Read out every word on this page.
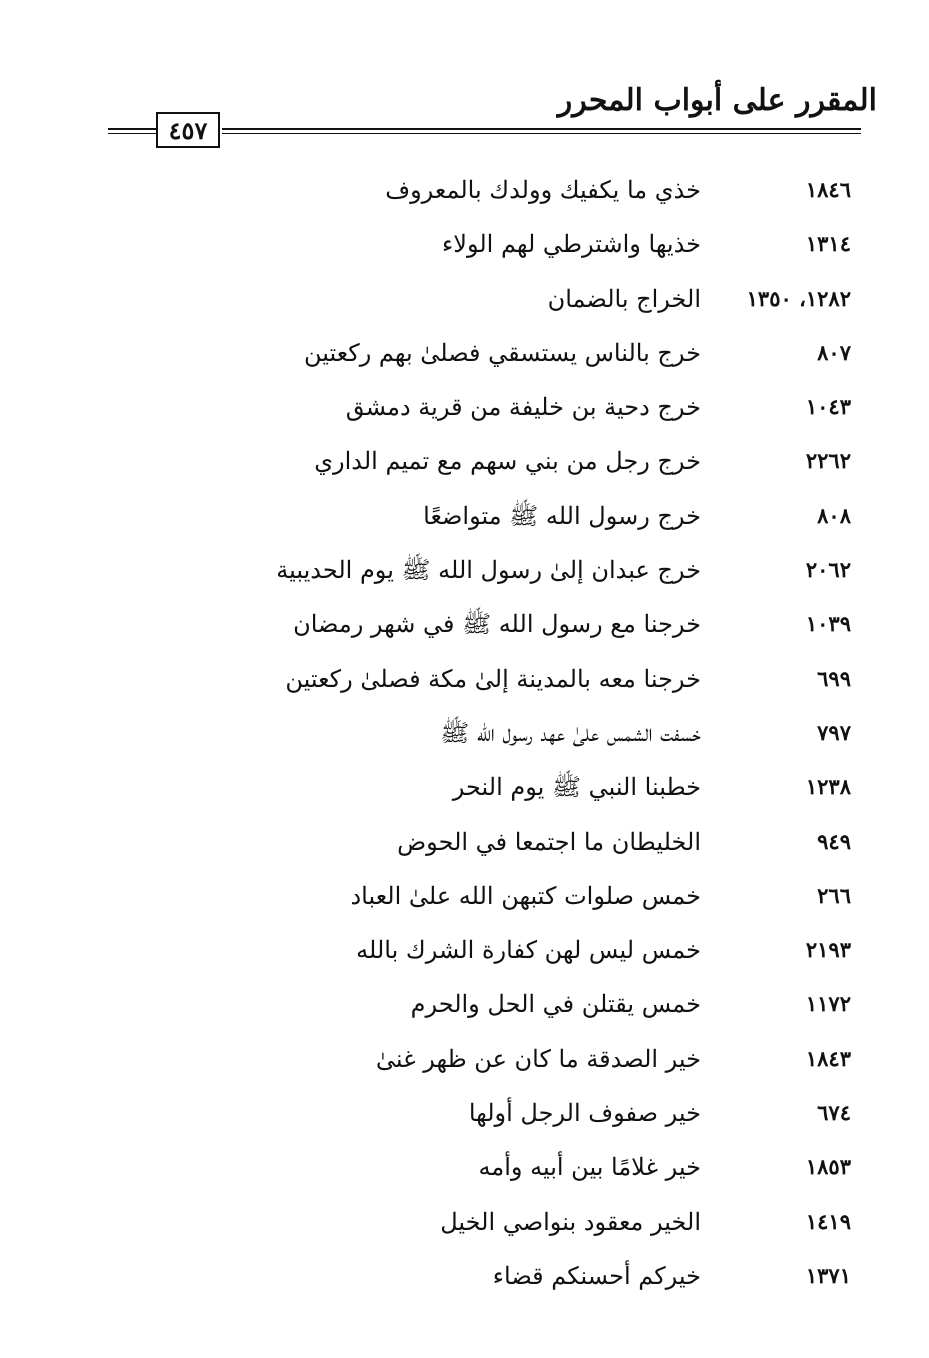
المقرر على أبواب المحرر
٤٥٧
خذي ما يكفيك وولدك بالمعروف	١٨٤٦
خذيها واشترطي لهم الولاء	١٣١٤
الخراج بالضمان ١٢٨٢، ١٣٥٠
خرج بالناس يستسقي فصلىٰ بهم ركعتين	٨٠٧
خرج دحية بن خليفة من قرية دمشق	١٠٤٣
خرج رجل من بني سهم مع تميم الداري	٢٢٦٢
خرج رسول الله ﷺ متواضعًا	٨٠٨
خرج عبدان إلىٰ رسول الله ﷺ يوم الحديبية	٢٠٦٢
خرجنا مع رسول الله ﷺ في شهر رمضان	١٠٣٩
خرجنا معه بالمدينة إلىٰ مكة فصلىٰ ركعتين	٦٩٩
خسفت الشمس علىٰ عهد رسول الله ﷺ	٧٩٧
خطبنا النبي ﷺ يوم النحر	١٢٣٨
الخليطان ما اجتمعا في الحوض	٩٤٩
خمس صلوات كتبهن الله علىٰ العباد	٢٦٦
خمس ليس لهن كفارة الشرك بالله	٢١٩٣
خمس يقتلن في الحل والحرم	١١٧٢
خير الصدقة ما كان عن ظهر غنىٰ	١٨٤٣
خير صفوف الرجل أولها	٦٧٤
خير غلامًا بين أبيه وأمه	١٨٥٣
الخير معقود بنواصي الخيل	١٤١٩
خيركم أحسنكم قضاء	١٣٧١
